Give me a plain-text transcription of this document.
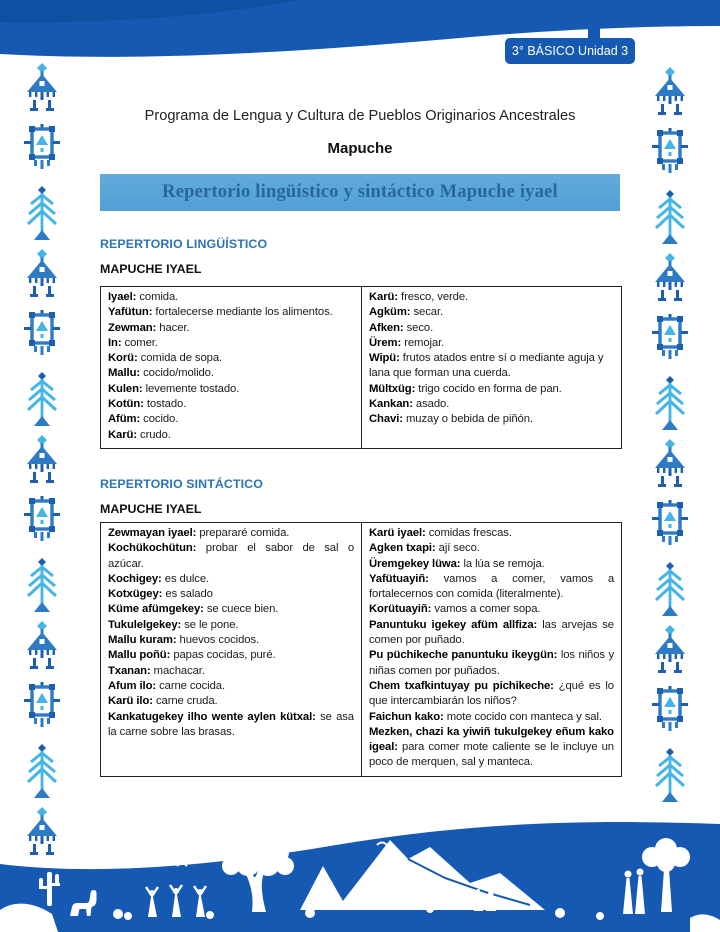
3° BÁSICO Unidad 3
Programa de Lengua y Cultura de Pueblos Originarios Ancestrales
Mapuche
Repertorio lingüístico y sintáctico Mapuche iyael
REPERTORIO LINGÜÍSTICO
MAPUCHE IYAEL
Iyael: comida.
Yafütun: fortalecerse mediante los alimentos.
Zewman: hacer.
In: comer.
Korü: comida de sopa.
Mallu: cocido/molido.
Kulen: levemente tostado.
Kotün: tostado.
Afüm: cocido.
Karü: crudo.
Karü: fresco, verde.
Agküm: secar.
Afken: seco.
Ürem: remojar.
Wipü: frutos atados entre sí o mediante aguja y lana que forman una cuerda.
Mültxüg: trigo cocido en forma de pan.
Kankan: asado.
Chavi: muzay o bebida de piñón.
REPERTORIO SINTÁCTICO
MAPUCHE IYAEL
Zewmayan iyael: prepararé comida.
Kochükochütun: probar el sabor de sal o azúcar.
Kochigey: es dulce.
Kotxügey: es salado
Küme afümgekey: se cuece bien.
Tukulelgekey: se le pone.
Mallu kuram: huevos cocidos.
Mallu poñü: papas cocidas, puré.
Txanan: machacar.
Afum ilo: carne cocida.
Karü ilo: carne cruda.
Kankatugekey ilho wente aylen kütxal: se asa la carne sobre las brasas.
Karü iyael: comidas frescas.
Agken txapi: ají seco.
Üremgekey lüwa: la lúa se remoja.
Yafütuayiñ: vamos a comer, vamos a fortalecernos con comida (literalmente).
Korütuayiñ: vamos a comer sopa.
Panuntuku igekey afüm allfiza: las arvejas se comen por puñado.
Pu püchikeche panuntuku ikeygün: los niños y niñas comen por puñados.
Chem txafkintuyay pu pichikeche: ¿qué es lo que intercambiarán los niños?
Faichun kako: mote cocido con manteca y sal.
Mezken, chazi ka yiwiñ tukulgekey eñum kako igeal: para comer mote caliente se le incluye un poco de merquen, sal y manteca.
